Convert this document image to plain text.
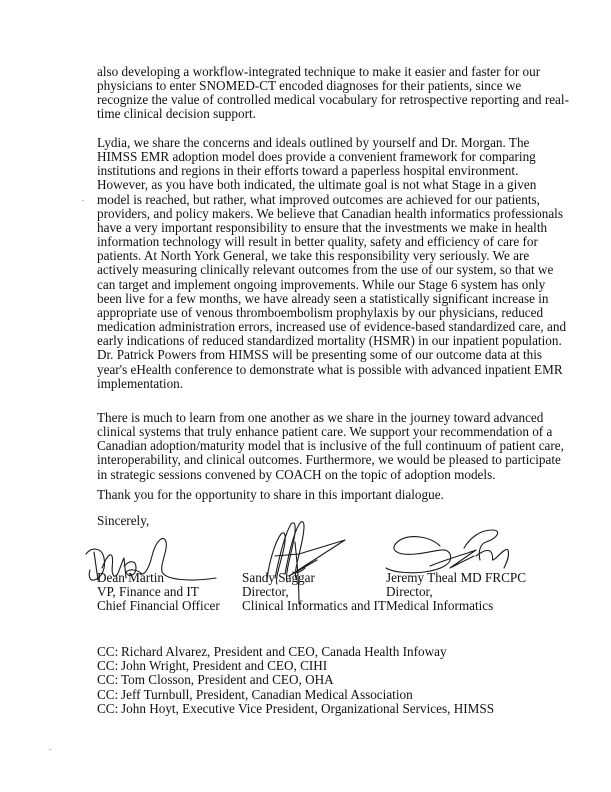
also developing a workflow-integrated technique to make it easier and faster for our
physicians to enter SNOMED-CT encoded diagnoses for their patients, since we
recognize the value of controlled medical vocabulary for retrospective reporting and real-
time clinical decision support.

Lydia, we share the concerns and ideals outlined by yourself and Dr. Morgan. The
HIMSS EMR adoption model does provide a convenient framework for comparing
institutions and regions in their efforts toward a paperless hospital environment.
However, as you have both indicated, the ultimate goal is not what Stage in a given
model is reached, but rather, what improved outcomes are achieved for our patients,
providers, and policy makers. We believe that Canadian health informatics professionals
have a very important responsibility to ensure that the investments we make in health
information technology will result in better quality, safety and efficiency of care for
patients. At North York General, we take this responsibility very seriously. We are
actively measuring clinically relevant outcomes from the use of our system, so that we
can target and implement ongoing improvements. While our Stage 6 system has only
been live for a few months, we have already seen a statistically significant increase in
appropriate use of venous thromboembolism prophylaxis by our physicians, reduced
medication administration errors, increased use of evidence-based standardized care, and
early indications of reduced standardized mortality (HSMR) in our inpatient population.
Dr. Patrick Powers from HIMSS will be presenting some of our outcome data at this
year's eHealth conference to demonstrate what is possible with advanced inpatient EMR
implementation.

There is much to learn from one another as we share in the journey toward advanced
clinical systems that truly enhance patient care. We support your recommendation of a
Canadian adoption/maturity model that is inclusive of the full continuum of patient care,
interoperability, and clinical outcomes. Furthermore, we would be pleased to participate
in strategic sessions convened by COACH on the topic of adoption models.

Thank you for the opportunity to share in this important dialogue.

Sincerely,
Dean Martin
VP, Finance and IT
Chief Financial Officer
Sandy Saggar
Director,
Clinical Informatics and IT
Jeremy Theal MD FRCPC
Director,
Medical Informatics
CC: Richard Alvarez, President and CEO, Canada Health Infoway
CC: John Wright, President and CEO, CIHI
CC: Tom Closson, President and CEO, OHA
CC: Jeff Turnbull, President, Canadian Medical Association
CC: John Hoyt, Executive Vice President, Organizational Services, HIMSS
